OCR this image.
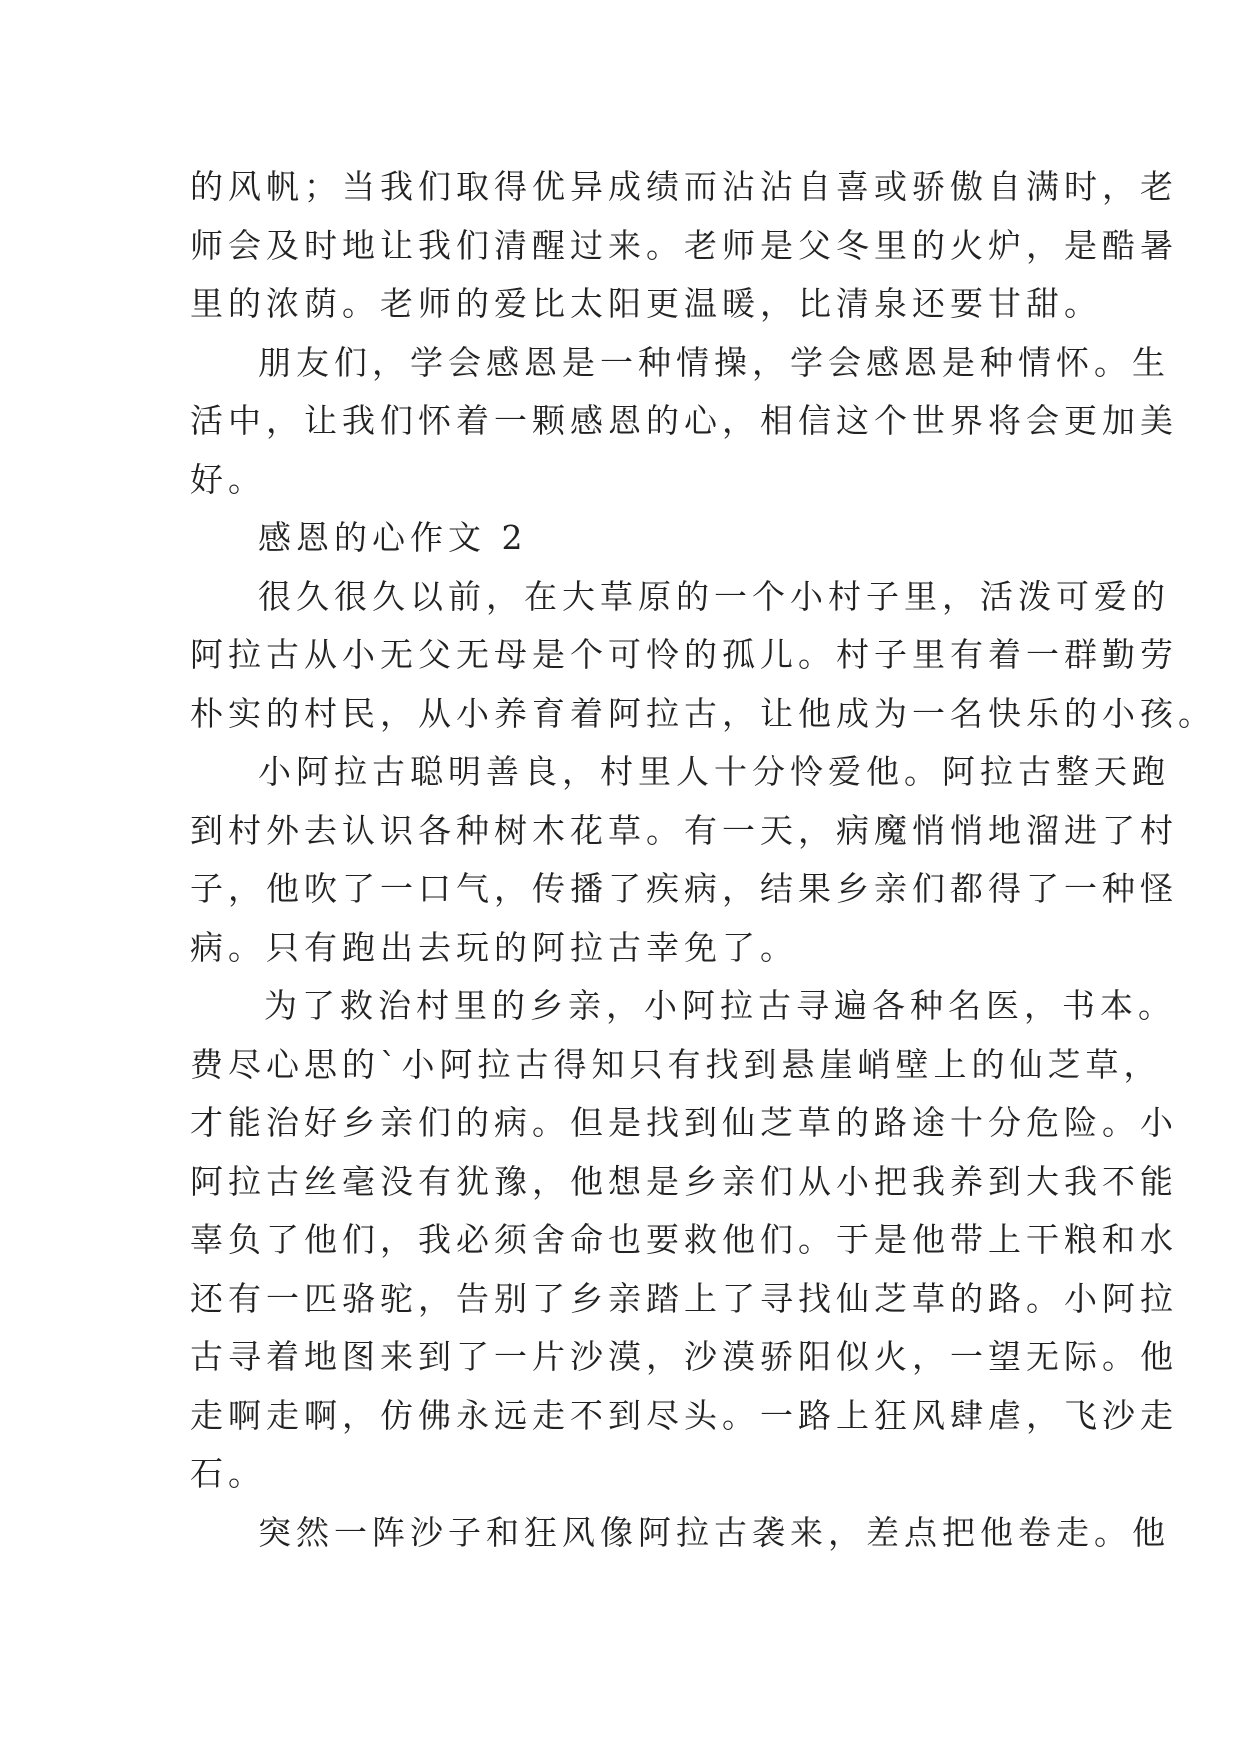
的风帆；当我们取得优异成绩而沾沾自喜或骄傲自满时，老
师会及时地让我们清醒过来。老师是父冬里的火炉，是酷暑
里的浓荫。老师的爱比太阳更温暖，比清泉还要甘甜。
朋友们，学会感恩是一种情操，学会感恩是种情怀。生
活中，让我们怀着一颗感恩的心，相信这个世界将会更加美
好。
感恩的心作文 2
很久很久以前，在大草原的一个小村子里，活泼可爱的
阿拉古从小无父无母是个可怜的孤儿。村子里有着一群勤劳
朴实的村民，从小养育着阿拉古，让他成为一名快乐的小孩。
小阿拉古聪明善良，村里人十分怜爱他。阿拉古整天跑
到村外去认识各种树木花草。有一天，病魔悄悄地溜进了村
子，他吹了一口气，传播了疾病，结果乡亲们都得了一种怪
病。只有跑出去玩的阿拉古幸免了。
为了救治村里的乡亲，小阿拉古寻遍各种名医，书本。
费尽心思的`小阿拉古得知只有找到悬崖峭壁上的仙芝草，
才能治好乡亲们的病。但是找到仙芝草的路途十分危险。小
阿拉古丝毫没有犹豫，他想是乡亲们从小把我养到大我不能
辜负了他们，我必须舍命也要救他们。于是他带上干粮和水
还有一匹骆驼，告别了乡亲踏上了寻找仙芝草的路。小阿拉
古寻着地图来到了一片沙漠，沙漠骄阳似火，一望无际。他
走啊走啊，仿佛永远走不到尽头。一路上狂风肆虐，飞沙走
石。
突然一阵沙子和狂风像阿拉古袭来，差点把他卷走。他
